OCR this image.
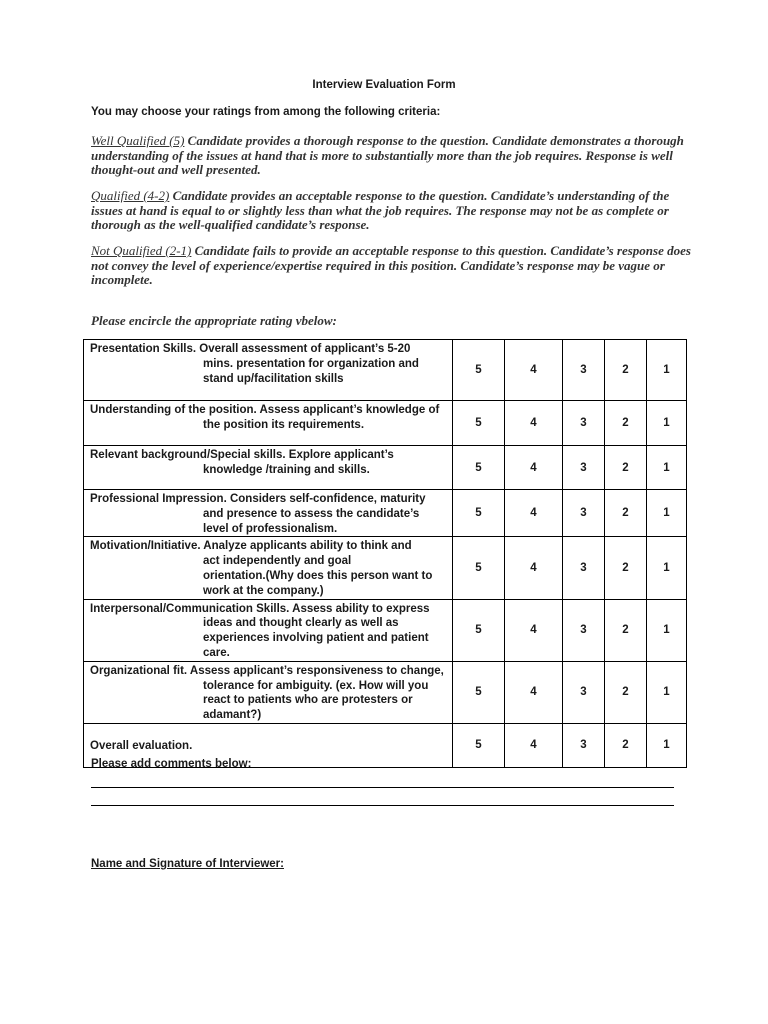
Interview Evaluation Form
You may choose your ratings from among the following criteria:
Well Qualified (5) Candidate provides a thorough response to the question. Candidate demonstrates a thorough understanding of the issues at hand that is more to substantially more than the job requires. Response is well thought-out and well presented.
Qualified (4-2) Candidate provides an acceptable response to the question. Candidate’s understanding of the issues at hand is equal to or slightly less than what the job requires. The response may not be as complete or thorough as the well-qualified candidate’s response.
Not Qualified (2-1) Candidate fails to provide an acceptable response to this question. Candidate’s response does not convey the level of experience/expertise required in this position. Candidate’s response may be vague or incomplete.
Please encircle the appropriate rating vbelow:
Presentation Skills. Overall assessment of applicant’s 5-20
mins. presentation for organization and
stand up/facilitation skills	5	4	3	2	1

Understanding of the position. Assess applicant’s knowledge of
the position its requirements.	5	4	3	2	1

Relevant background/Special skills. Explore applicant’s
knowledge /training and skills.	5	4	3	2	1

Professional Impression. Considers self-confidence, maturity
and presence to assess the candidate’s
level of professionalism.	5	4	3	2	1

Motivation/Initiative. Analyze applicants ability to think and
act independently and goal
orientation.(Why does this person want to
work at the company.)	5	4	3	2	1

Interpersonal/Communication Skills. Assess ability to express
ideas and thought clearly as well as
experiences involving patient and patient
care.	5	4	3	2	1

Organizational fit. Assess applicant’s responsiveness to change,
tolerance for ambiguity. (ex. How will you
react to patients who are protesters or
adamant?)	5	4	3	2	1

Overall evaluation.	5	4	3	2	1
Please add comments below:
Name and Signature of Interviewer:
